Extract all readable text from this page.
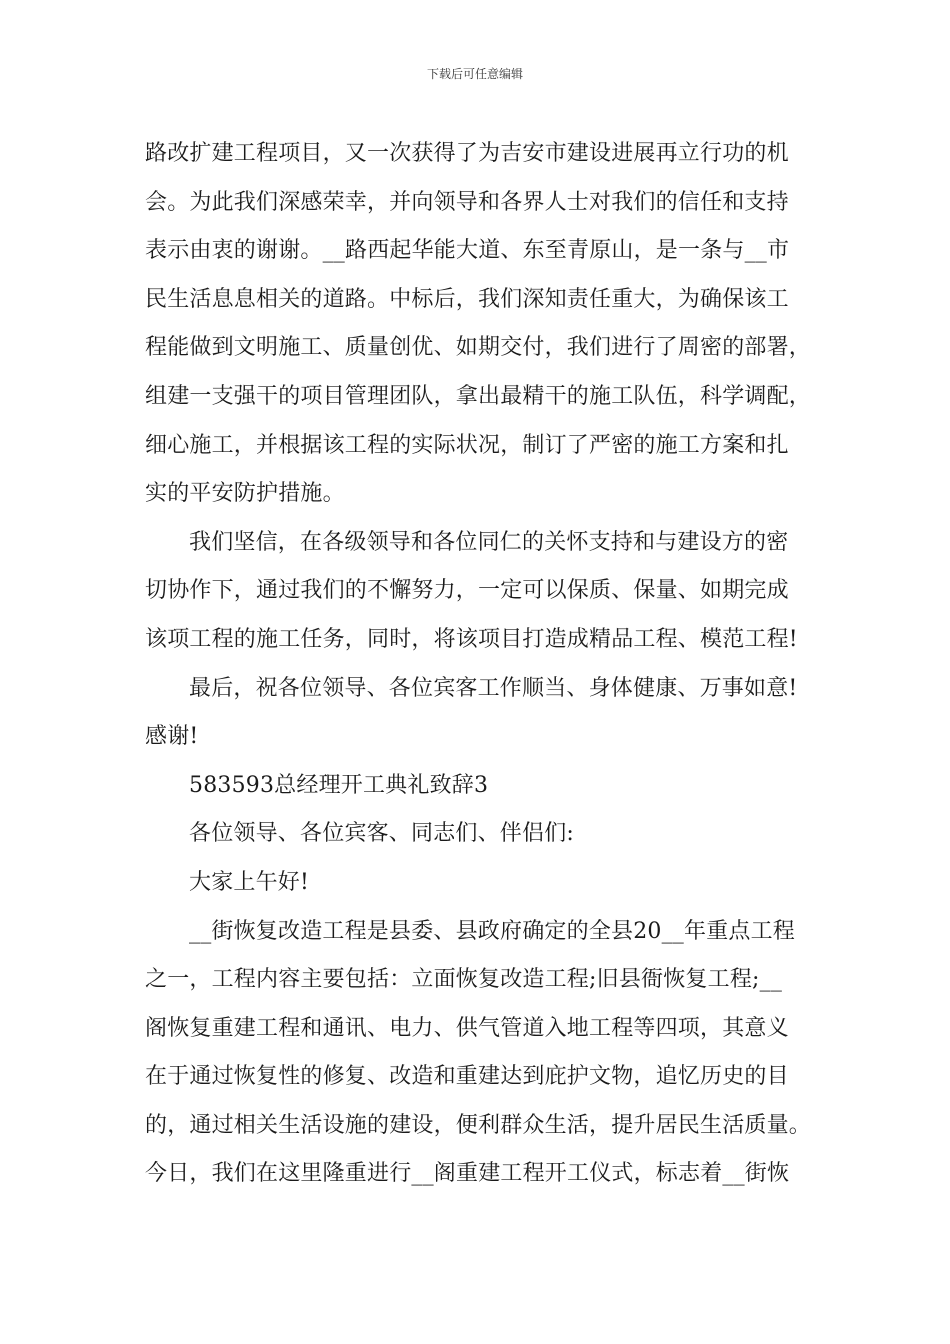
下载后可任意编辑
路改扩建工程项目，又一次获得了为吉安市建设进展再立行功的机
会。为此我们深感荣幸，并向领导和各界人士对我们的信任和支持
表示由衷的谢谢。__路西起华能大道、东至青原山，是一条与__市
民生活息息相关的道路。中标后，我们深知责任重大，为确保该工
程能做到文明施工、质量创优、如期交付，我们进行了周密的部署，
组建一支强干的项目管理团队，拿出最精干的施工队伍，科学调配，
细心施工，并根据该工程的实际状况，制订了严密的施工方案和扎
实的平安防护措施。
我们坚信，在各级领导和各位同仁的关怀支持和与建设方的密
切协作下，通过我们的不懈努力，一定可以保质、保量、如期完成
该项工程的施工任务，同时，将该项目打造成精品工程、模范工程!
最后，祝各位领导、各位宾客工作顺当、身体健康、万事如意!
感谢!
583593总经理开工典礼致辞3
各位领导、各位宾客、同志们、伴侣们:
大家上午好!
__街恢复改造工程是县委、县政府确定的全县20__年重点工程
之一，工程内容主要包括：立面恢复改造工程;旧县衙恢复工程;__
阁恢复重建工程和通讯、电力、供气管道入地工程等四项，其意义
在于通过恢复性的修复、改造和重建达到庇护文物，追忆历史的目
的，通过相关生活设施的建设，便利群众生活，提升居民生活质量。
今日，我们在这里隆重进行__阁重建工程开工仪式，标志着__街恢
